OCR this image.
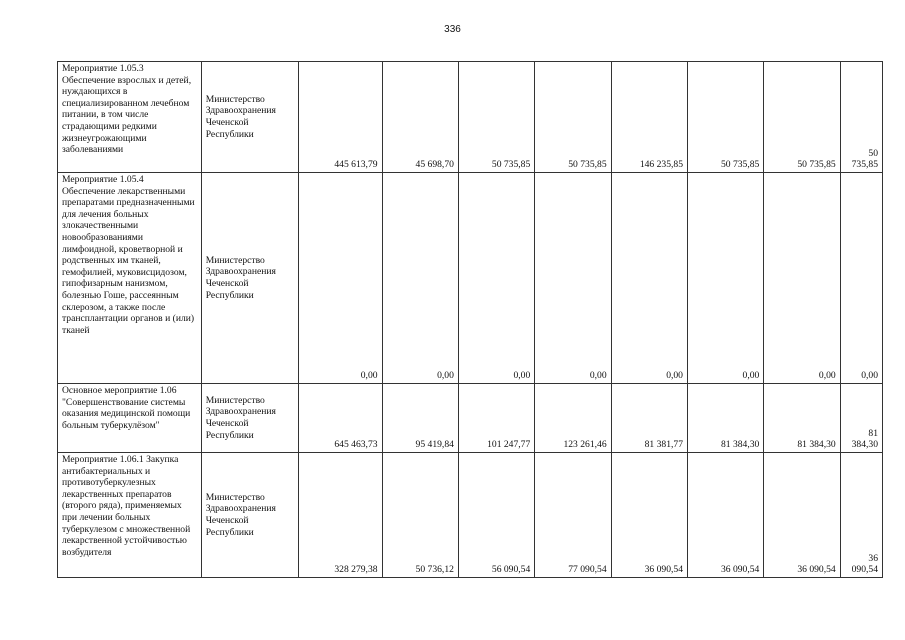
336
Мероприятие 1.05.3 Обеспечение взрослых и детей, нуждающихся в специализированном лечебном питании, в том числе страдающими редкими жизнеугрожающими заболеваниями	Министерство Здравоохранения Чеченской Республики	445 613,79	45 698,70	50 735,85	50 735,85	146 235,85	50 735,85	50 735,85	50 735,85
Мероприятие 1.05.4 Обеспечение лекарственными препаратами предназначенными для лечения больных злокачественными новообразованиями лимфоидной, кроветворной и родственных им тканей, гемофилией, муковисцидозом, гипофизарным нанизмом, болезнью Гоше, рассеянным склерозом, а также после трансплантации органов и (или) тканей	Министерство Здравоохранения Чеченской Республики	0,00	0,00	0,00	0,00	0,00	0,00	0,00	0,00
Основное мероприятие 1.06 "Совершенствование системы оказания медицинской помощи больным туберкулёзом"	Министерство Здравоохранения Чеченской Республики	645 463,73	95 419,84	101 247,77	123 261,46	81 381,77	81 384,30	81 384,30	81 384,30
Мероприятие 1.06.1 Закупка антибактериальных и противотуберкулезных лекарственных препаратов (второго ряда), применяемых при лечении больных туберкулезом с множественной лекарственной устойчивостью возбудителя	Министерство Здравоохранения Чеченской Республики	328 279,38	50 736,12	56 090,54	77 090,54	36 090,54	36 090,54	36 090,54	36 090,54
